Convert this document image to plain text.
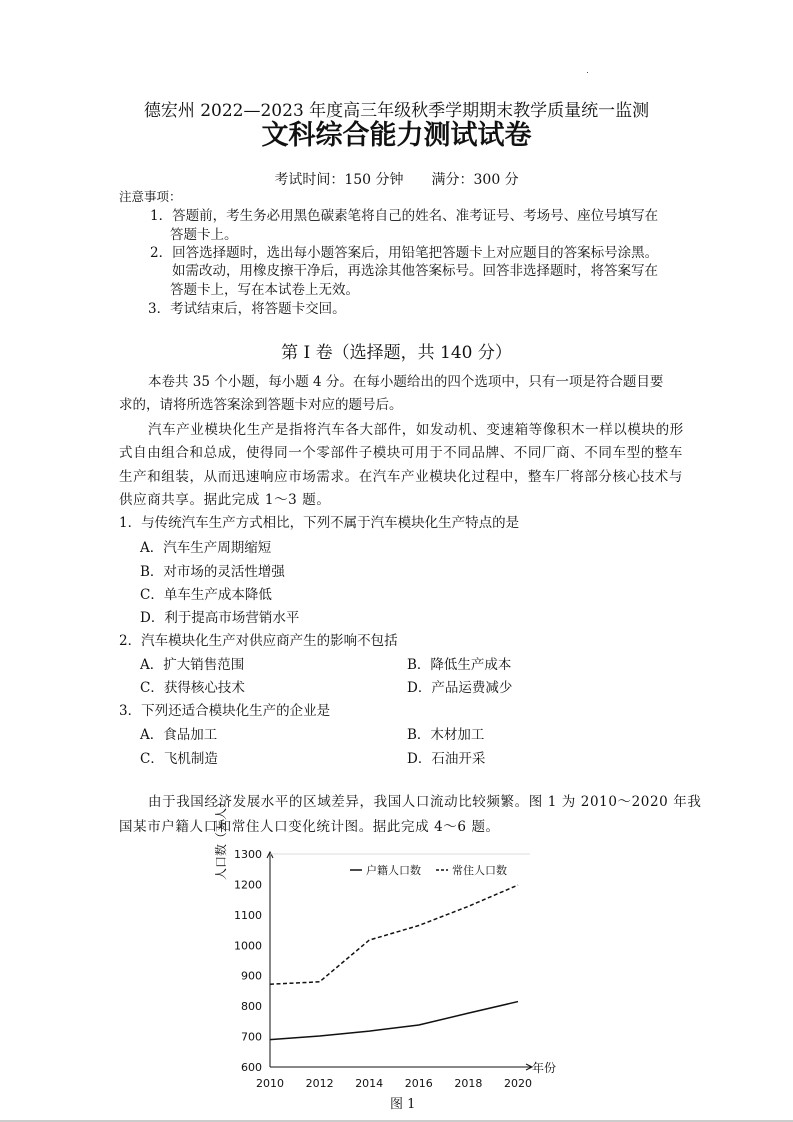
德宏州 2022—2023 年度高三年级秋季学期期末教学质量统一监测
文科综合能力测试试卷
考试时间：150 分钟　　满分：300 分
注意事项：
1．答题前，考生务必用黑色碳素笔将自己的姓名、准考证号、考场号、座位号填写在
答题卡上。
2．回答选择题时，选出每小题答案后，用铅笔把答题卡上对应题目的答案标号涂黑。
如需改动，用橡皮擦干净后，再选涂其他答案标号。回答非选择题时，将答案写在
答题卡上，写在本试卷上无效。
3．考试结束后，将答题卡交回。
第 I 卷（选择题，共 140 分）
本卷共 35 个小题，每小题 4 分。在每小题给出的四个选项中，只有一项是符合题目要
求的，请将所选答案涂到答题卡对应的题号后。
汽车产业模块化生产是指将汽车各大部件，如发动机、变速箱等像积木一样以模块的形
式自由组合和总成，使得同一个零部件子模块可用于不同品牌、不同厂商、不同车型的整车
生产和组装，从而迅速响应市场需求。在汽车产业模块化过程中，整车厂将部分核心技术与
供应商共享。据此完成 1～3 题。
1．与传统汽车生产方式相比，下列不属于汽车模块化生产特点的是
A．汽车生产周期缩短
B．对市场的灵活性增强
C．单车生产成本降低
D．利于提高市场营销水平
2．汽车模块化生产对供应商产生的影响不包括
A．扩大销售范围	B．降低生产成本
C．获得核心技术	D．产品运费减少
3．下列还适合模块化生产的企业是
A．食品加工	B．木材加工
C．飞机制造	D．石油开采
由于我国经济发展水平的区域差异，我国人口流动比较频繁。图 1 为 2010～2020 年我
国某市户籍人口和常住人口变化统计图。据此完成 4～6 题。
600
700
800
900
1000
1100
1200
1300
2010 2012 2014 2016 2018 2020
人口数（万人）
年份
户籍人口数	常住人口数
图 1
